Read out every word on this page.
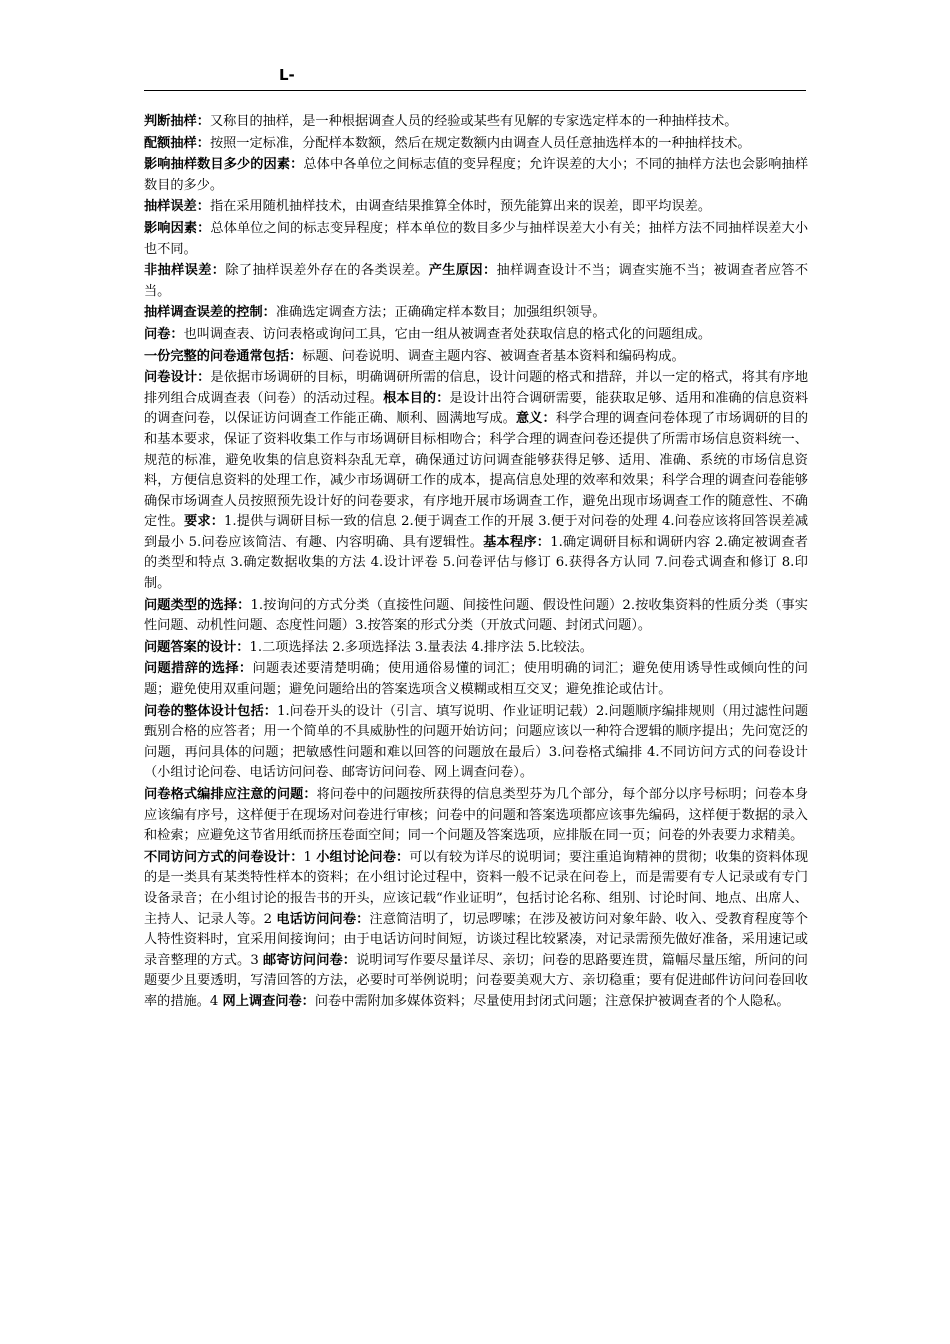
L-

判断抽样：又称目的抽样，是一种根据调查人员的经验或某些有见解的专家选定样本的一种抽样技术。

配额抽样：按照一定标准，分配样本数额，然后在规定数额内由调查人员任意抽选样本的一种抽样技术。

影响抽样数目多少的因素：总体中各单位之间标志值的变异程度；允许误差的大小；不同的抽样方法也会影响抽样数目的多少。

抽样误差：指在采用随机抽样技术，由调查结果推算全体时，预先能算出来的误差，即平均误差。

影响因素：总体单位之间的标志变异程度；样本单位的数目多少与抽样误差大小有关；抽样方法不同抽样误差大小也不同。

非抽样误差：除了抽样误差外存在的各类误差。产生原因：抽样调查设计不当；调查实施不当；被调查者应答不当。

抽样调查误差的控制：准确选定调查方法；正确确定样本数目；加强组织领导。

问卷：也叫调查表、访问表格或询问工具，它由一组从被调查者处获取信息的格式化的问题组成。

一份完整的问卷通常包括：标题、问卷说明、调查主题内容、被调查者基本资料和编码构成。

问卷设计：是依据市场调研的目标，明确调研所需的信息，设计问题的格式和措辞，并以一定的格式，将其有序地排列组合成调查表（问卷）的活动过程。根本目的：是设计出符合调研需要，能获取足够、适用和准确的信息资料的调查问卷，以保证访问调查工作能正确、顺利、圆满地写成。意义：科学合理的调查问卷体现了市场调研的目的和基本要求，保证了资料收集工作与市场调研目标相吻合；科学合理的调查问卷还提供了所需市场信息资料统一、规范的标准，避免收集的信息资料杂乱无章，确保通过访问调查能够获得足够、适用、准确、系统的市场信息资料，方便信息资料的处理工作，减少市场调研工作的成本，提高信息处理的效率和效果；科学合理的调查问卷能够确保市场调查人员按照预先设计好的问卷要求，有序地开展市场调查工作，避免出现市场调查工作的随意性、不确定性。要求：1.提供与调研目标一致的信息 2.便于调查工作的开展 3.便于对问卷的处理 4.问卷应该将回答误差减到最小 5.问卷应该简洁、有趣、内容明确、具有逻辑性。基本程序：1.确定调研目标和调研内容 2.确定被调查者的类型和特点 3.确定数据收集的方法 4.设计评卷 5.问卷评估与修订 6.获得各方认同 7.问卷式调查和修订 8.印制。

问题类型的选择：1.按询问的方式分类（直接性问题、间接性问题、假设性问题）2.按收集资料的性质分类（事实性问题、动机性问题、态度性问题）3.按答案的形式分类（开放式问题、封闭式问题）。

问题答案的设计：1.二项选择法 2.多项选择法 3.量表法 4.排序法 5.比较法。

问题措辞的选择：问题表述要清楚明确；使用通俗易懂的词汇；使用明确的词汇；避免使用诱导性或倾向性的问题；避免使用双重问题；避免问题给出的答案选项含义模糊或相互交叉；避免推论或估计。

问卷的整体设计包括：1.问卷开头的设计（引言、填写说明、作业证明记载）2.问题顺序编排规则（用过滤性问题甄别合格的应答者；用一个简单的不具威胁性的问题开始访问；问题应该以一种符合逻辑的顺序提出；先问宽泛的问题，再问具体的问题；把敏感性问题和难以回答的问题放在最后）3.问卷格式编排 4.不同访问方式的问卷设计（小组讨论问卷、电话访问问卷、邮寄访问问卷、网上调查问卷）。

问卷格式编排应注意的问题：将问卷中的问题按所获得的信息类型芬为几个部分，每个部分以序号标明；问卷本身应该编有序号，这样便于在现场对问卷进行审核；问卷中的问题和答案选项都应该事先编码，这样便于数据的录入和检索；应避免这节省用纸而挤压卷面空间；同一个问题及答案选项，应排版在同一页；问卷的外表要力求精美。

不同访问方式的问卷设计：1 小组讨论问卷：可以有较为详尽的说明词；要注重追询精神的贯彻；收集的资料体现的是一类具有某类特性样本的资料；在小组讨论过程中，资料一般不记录在问卷上，而是需要有专人记录或有专门设备录音；在小组讨论的报告书的开头，应该记载“作业证明”，包括讨论名称、组别、讨论时间、地点、出席人、主持人、记录人等。2 电话访问问卷：注意简洁明了，切忌啰嗦；在涉及被访问对象年龄、收入、受教育程度等个人特性资料时，宜采用间接询问；由于电话访问时间短，访谈过程比较紧凑，对记录需预先做好准备，采用速记或录音整理的方式。3 邮寄访问问卷：说明词写作要尽量详尽、亲切；问卷的思路要连贯，篇幅尽量压缩，所问的问题要少且要透明，写清回答的方法，必要时可举例说明；问卷要美观大方、亲切稳重；要有促进邮件访问问卷回收率的措施。4 网上调查问卷：问卷中需附加多媒体资料；尽量使用封闭式问题；注意保护被调查者的个人隐私。
